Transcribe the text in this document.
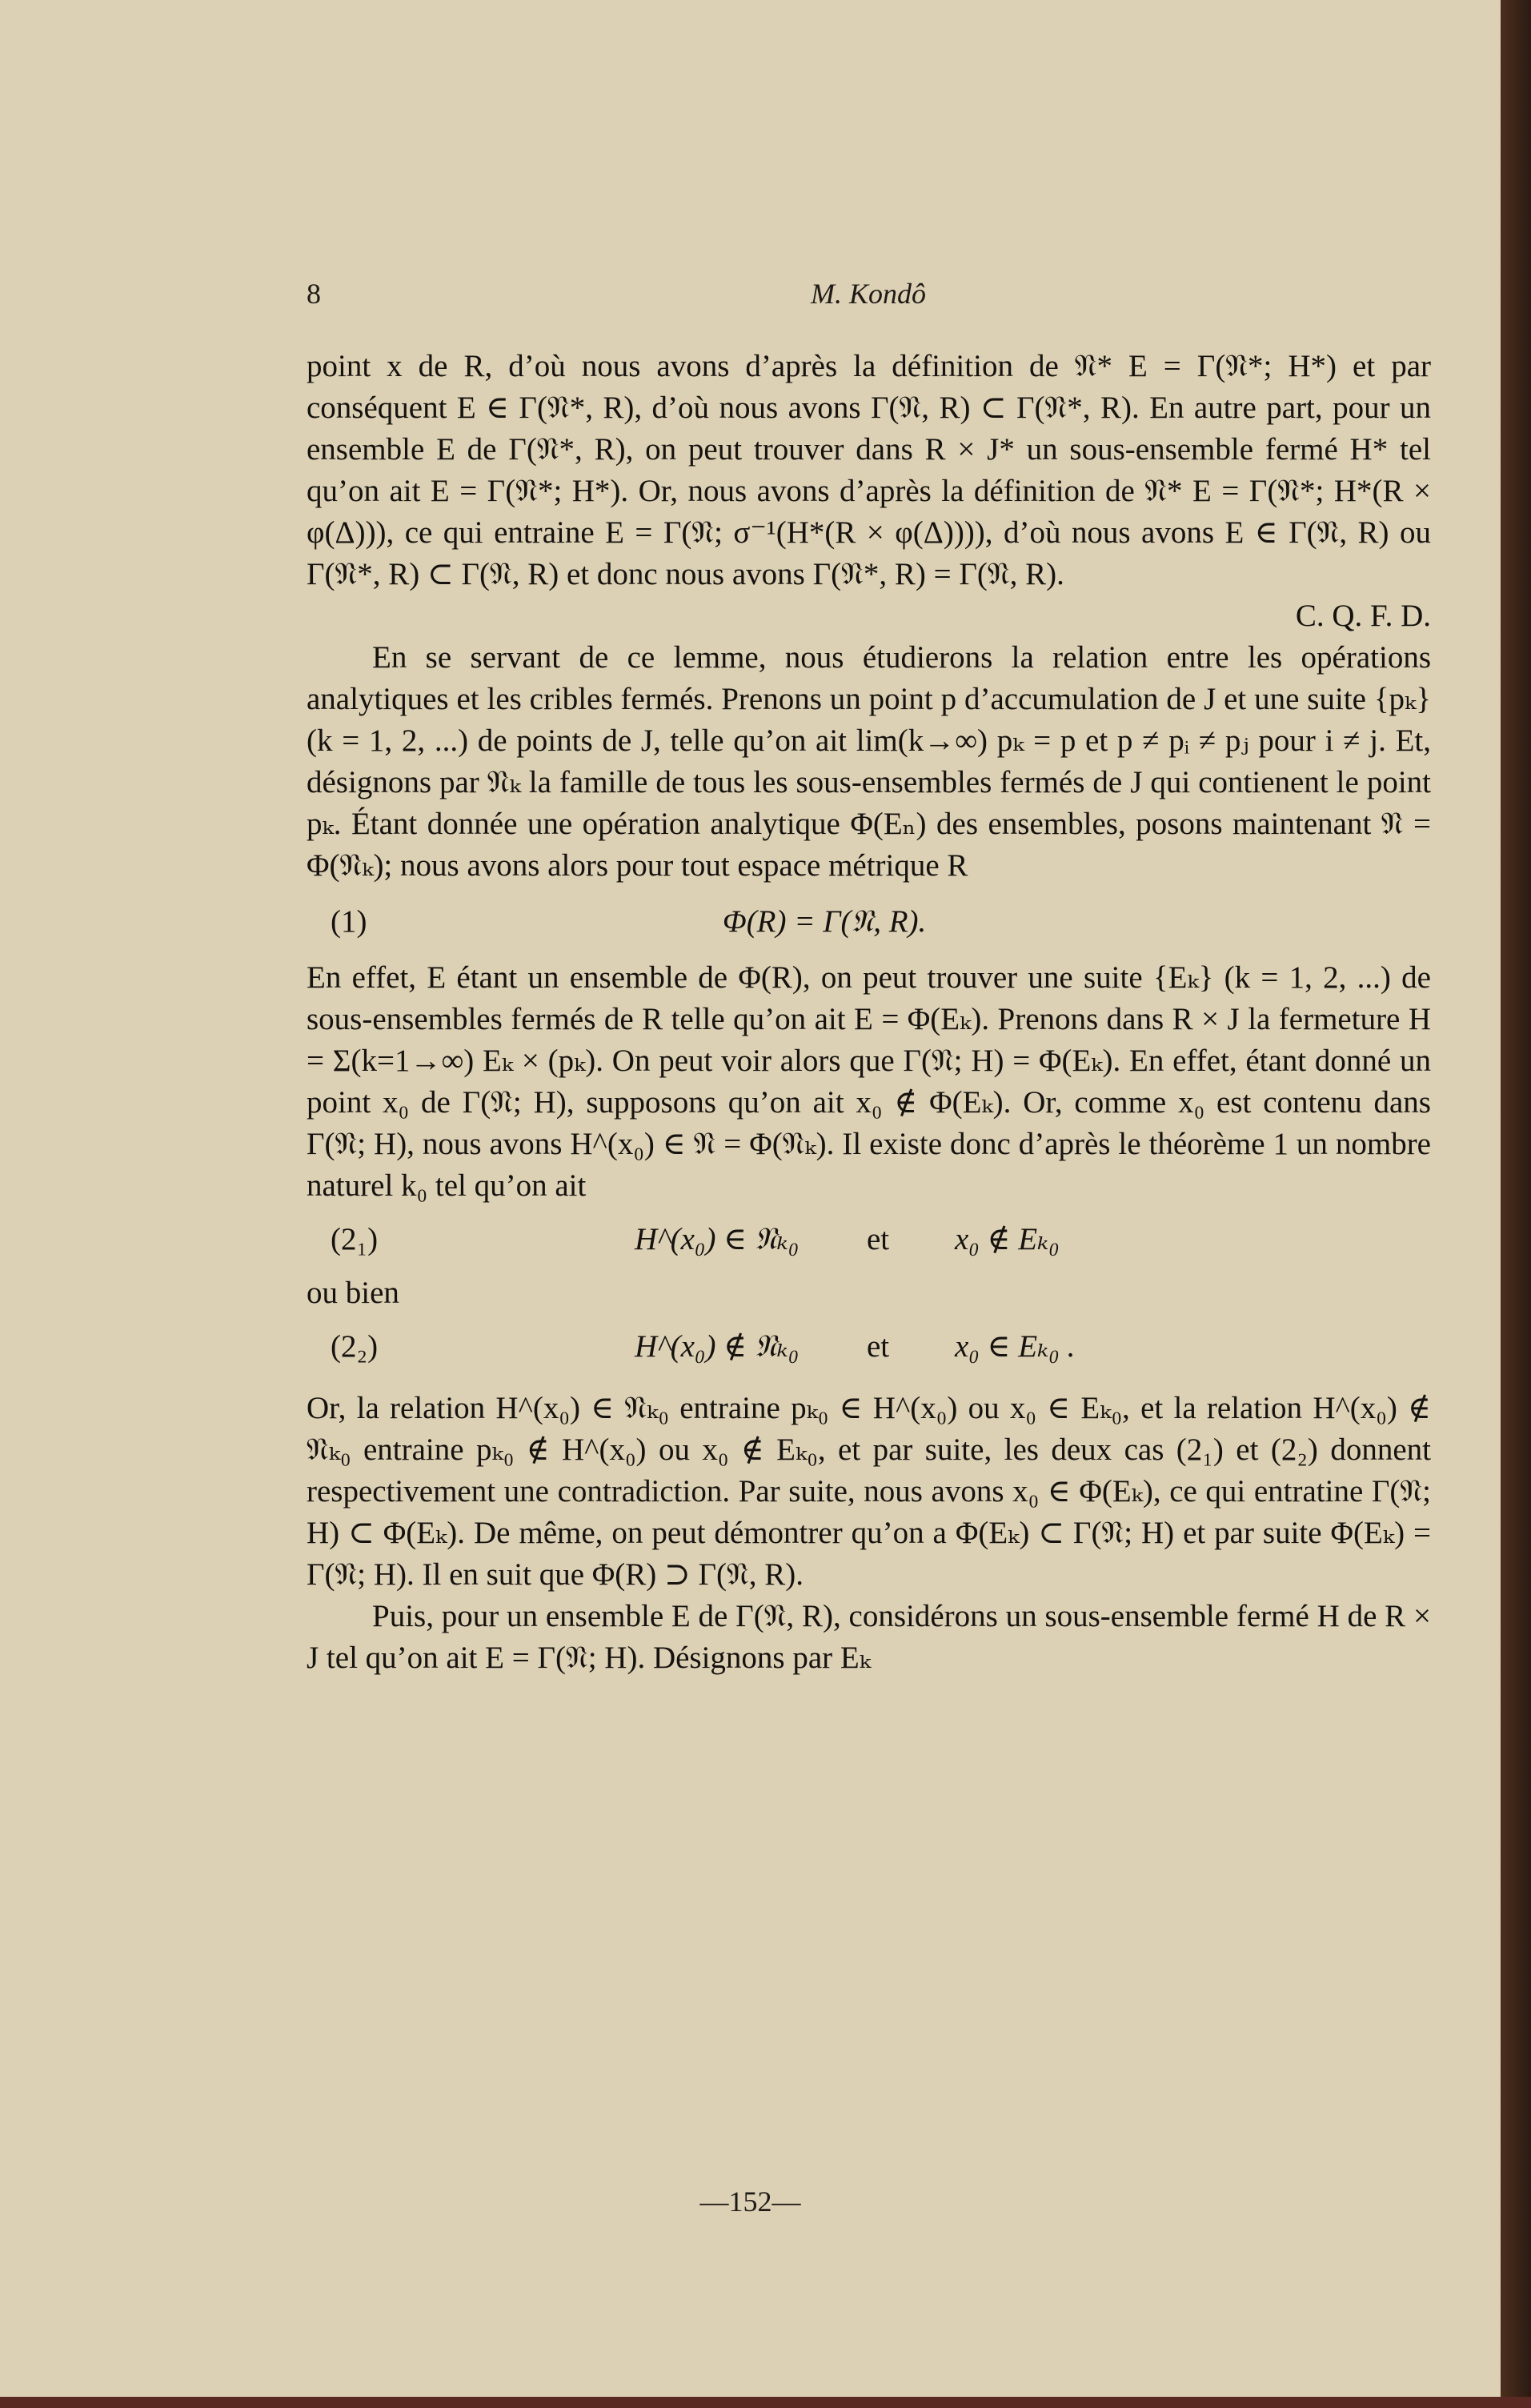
8	M. Kondô

point x de R, d’où nous avons d’après la définition de 𝔑* E = Γ(𝔑*; H*) et par conséquent E ∈ Γ(𝔑*, R), d’où nous avons Γ(𝔑, R) ⊂ Γ(𝔑*, R). En autre part, pour un ensemble E de Γ(𝔑*, R), on peut trouver dans R × J* un sous-ensemble fermé H* tel qu’on ait E = Γ(𝔑*; H*). Or, nous avons d’après la définition de 𝔑* E = Γ(𝔑*; H*(R × φ(Δ))), ce qui entraine E = Γ(𝔑; σ⁻¹(H*(R × φ(Δ)))), d’où nous avons E ∈ Γ(𝔑, R) ou Γ(𝔑*, R) ⊂ Γ(𝔑, R) et donc nous avons Γ(𝔑*, R) = Γ(𝔑, R).

C. Q. F. D.

En se servant de ce lemme, nous étudierons la relation entre les opérations analytiques et les cribles fermés. Prenons un point p d’accumulation de J et une suite {pₖ} (k = 1, 2, ...) de points de J, telle qu’on ait lim(k→∞) pₖ = p et p ≠ pᵢ ≠ pⱼ pour i ≠ j. Et, désignons par 𝔑ₖ la famille de tous les sous-ensembles fermés de J qui contienent le point pₖ. Étant donnée une opération analytique Φ(Eₙ) des ensembles, posons maintenant 𝔑 = Φ(𝔑ₖ); nous avons alors pour tout espace métrique R

(1)	Φ(R) = Γ(𝔑, R).

En effet, E étant un ensemble de Φ(R), on peut trouver une suite {Eₖ} (k = 1, 2, ...) de sous-ensembles fermés de R telle qu’on ait E = Φ(Eₖ). Prenons dans R × J la fermeture H = Σ(k=1→∞) Eₖ × (pₖ). On peut voir alors que Γ(𝔑; H) = Φ(Eₖ). En effet, étant donné un point x₀ de Γ(𝔑; H), supposons qu’on ait x₀ ∉ Φ(Eₖ). Or, comme x₀ est contenu dans Γ(𝔑; H), nous avons H^(x₀) ∈ 𝔑 = Φ(𝔑ₖ). Il existe donc d’après le théorème 1 un nombre naturel k₀ tel qu’on ait

(2₁)	H^(x₀) ∈ 𝔑ₖ₀	et	x₀ ∉ Eₖ₀

ou bien

(2₂)	H^(x₀) ∉ 𝔑ₖ₀	et	x₀ ∈ Eₖ₀ .

Or, la relation H^(x₀) ∈ 𝔑ₖ₀ entraine pₖ₀ ∈ H^(x₀) ou x₀ ∈ Eₖ₀, et la relation H^(x₀) ∉ 𝔑ₖ₀ entraine pₖ₀ ∉ H^(x₀) ou x₀ ∉ Eₖ₀, et par suite, les deux cas (2₁) et (2₂) donnent respectivement une contradiction. Par suite, nous avons x₀ ∈ Φ(Eₖ), ce qui entratine Γ(𝔑; H) ⊂ Φ(Eₖ). De même, on peut démontrer qu’on a Φ(Eₖ) ⊂ Γ(𝔑; H) et par suite Φ(Eₖ) = Γ(𝔑; H). Il en suit que Φ(R) ⊃ Γ(𝔑, R).

Puis, pour un ensemble E de Γ(𝔑, R), considérons un sous-ensemble fermé H de R × J tel qu’on ait E = Γ(𝔑; H). Désignons par Eₖ

—152—
